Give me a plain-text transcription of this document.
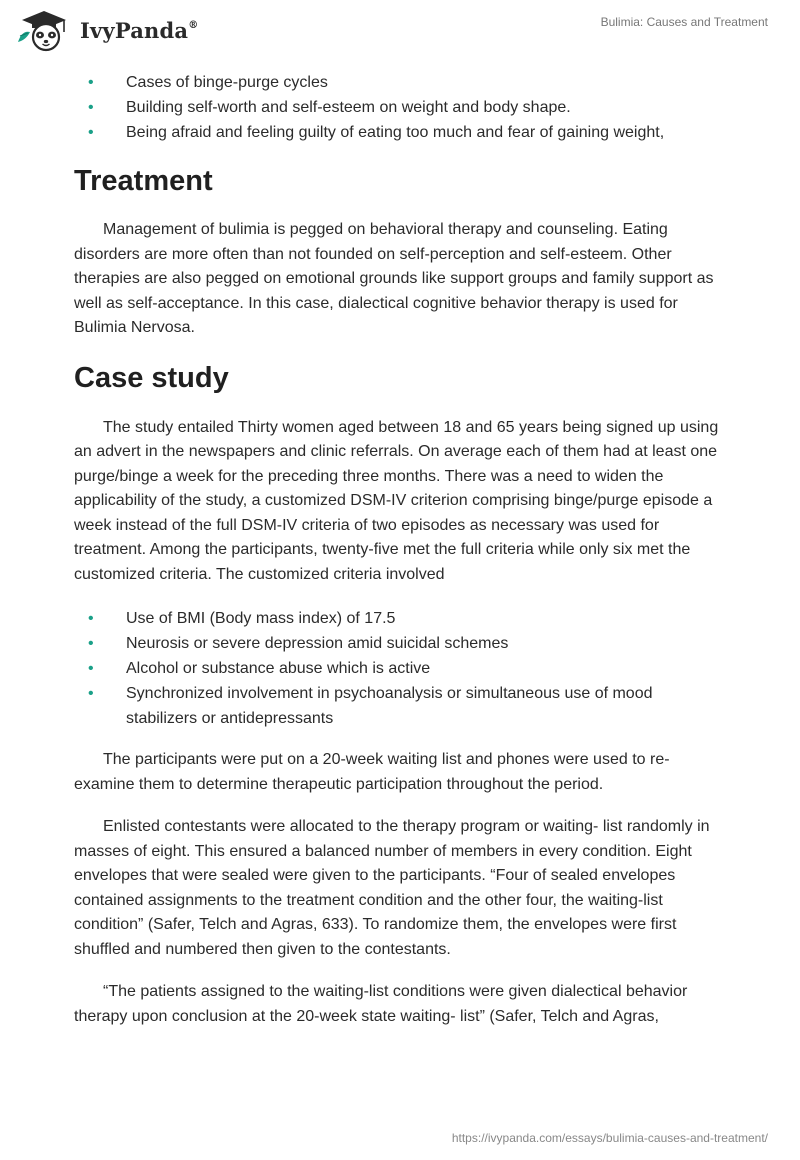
IvyPanda®	Bulimia: Causes and Treatment
• Cases of binge-purge cycles
• Building self-worth and self-esteem on weight and body shape.
• Being afraid and feeling guilty of eating too much and fear of gaining weight,
Treatment

Management of bulimia is pegged on behavioral therapy and counseling. Eating disorders are more often than not founded on self-perception and self-esteem. Other therapies are also pegged on emotional grounds like support groups and family support as well as self-acceptance. In this case, dialectical cognitive behavior therapy is used for Bulimia Nervosa.

Case study

The study entailed Thirty women aged between 18 and 65 years being signed up using an advert in the newspapers and clinic referrals. On average each of them had at least one purge/binge a week for the preceding three months. There was a need to widen the applicability of the study, a customized DSM-IV criterion comprising binge/purge episode a week instead of the full DSM-IV criteria of two episodes as necessary was used for treatment. Among the participants, twenty-five met the full criteria while only six met the customized criteria. The customized criteria involved

• Use of BMI (Body mass index) of 17.5
• Neurosis or severe depression amid suicidal schemes
• Alcohol or substance abuse which is active
• Synchronized involvement in psychoanalysis or simultaneous use of mood stabilizers or antidepressants

The participants were put on a 20-week waiting list and phones were used to re-examine them to determine therapeutic participation throughout the period.

Enlisted contestants were allocated to the therapy program or waiting- list randomly in masses of eight. This ensured a balanced number of members in every condition. Eight envelopes that were sealed were given to the participants. “Four of sealed envelopes contained assignments to the treatment condition and the other four, the waiting-list condition” (Safer, Telch and Agras, 633). To randomize them, the envelopes were first shuffled and numbered then given to the contestants.

“The patients assigned to the waiting-list conditions were given dialectical behavior therapy upon conclusion at the 20-week state waiting- list” (Safer, Telch and Agras,

https://ivypanda.com/essays/bulimia-causes-and-treatment/
